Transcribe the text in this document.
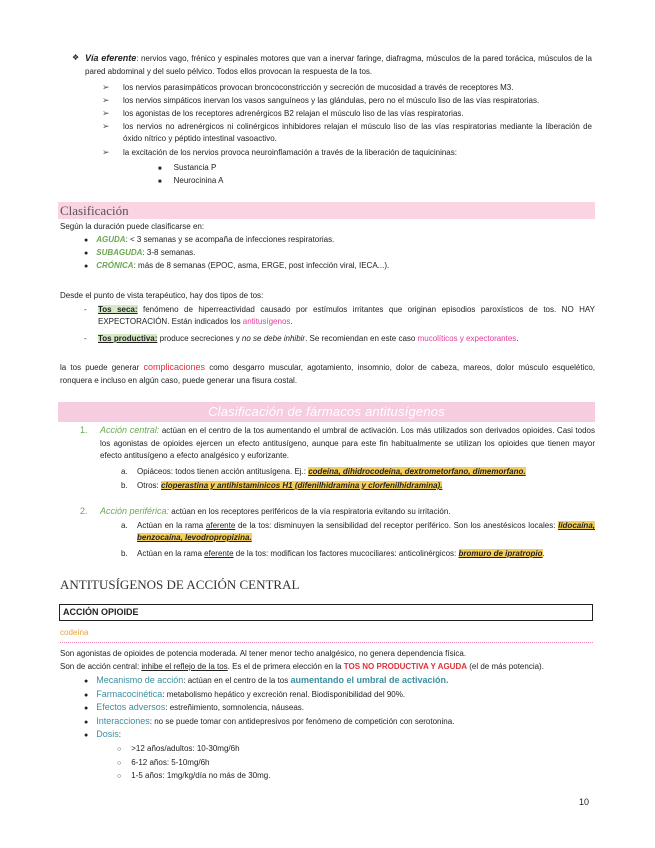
❖ Vía eferente: nervios vago, frénico y espinales motores que van a inervar faringe, diafragma, músculos de la pared torácica, músculos de la pared abdominal y del suelo pélvico. Todos ellos provocan la respuesta de la tos.
➢ los nervios parasimpáticos provocan broncoconstricción y secreción de mucosidad a través de receptores M3.
➢ los nervios simpáticos inervan los vasos sanguíneos y las glándulas, pero no el músculo liso de las vías respiratorias.
➢ los agonistas de los receptores adrenérgicos B2 relajan el músculo liso de las vías respiratorias.
➢ los nervios no adrenérgicos ni colinérgicos inhibidores relajan el músculo liso de las vías respiratorias mediante la liberación de óxido nítrico y péptido intestinal vasoactivo.
➢ la excitación de los nervios provoca neuroinflamación a través de la liberación de taquicininas:
■ Sustancia P
■ Neurocinina A
Clasificación
Según la duración puede clasificarse en:
● AGUDA: < 3 semanas y se acompaña de infecciones respiratorias.
● SUBAGUDA: 3-8 semanas.
● CRÓNICA: más de 8 semanas (EPOC, asma, ERGE, post infección viral, IECA...).
Desde el punto de vista terapéutico, hay dos tipos de tos:
- Tos seca: fenómeno de hiperreactividad causado por estímulos irritantes que originan episodios paroxísticos de tos. NO HAY EXPECTORACIÓN. Están indicados los antitusígenos.
- Tos productiva: produce secreciones y no se debe inhibir. Se recomiendan en este caso mucolíticos y expectorantes.
la tos puede generar complicaciones como desgarro muscular, agotamiento, insomnio, dolor de cabeza, mareos, dolor músculo esquelético, ronquera e incluso en algún caso, puede generar una fisura costal.
Clasificación de fármacos antitusígenos
1. Acción central: actúan en el centro de la tos aumentando el umbral de activación. Los más utilizados son derivados opioides. Casi todos los agonistas de opioides ejercen un efecto antitusígeno, aunque para este fin habitualmente se utilizan los opioides que tienen mayor efecto antitusígeno a efecto analgésico y euforizante.
a. Opiáceos: todos tienen acción antitusígena. Ej.: codeína, dihidrocodeína, dextrometorfano, dimemorfano.
b. Otros: cloperastina y antihistamínicos H1 (difenilhidramina y clorfenilhidramina).
2. Acción periférica: actúan en los receptores periféricos de la vía respiratoria evitando su irritación.
a. Actúan en la rama aferente de la tos: disminuyen la sensibilidad del receptor periférico. Son los anestésicos locales: lidocaína, benzocaína, levodropropizina.
b. Actúan en la rama eferente de la tos: modifican los factores mucociliares: anticolinérgicos: bromuro de ipratropio.
ANTITUSÍGENOS DE ACCIÓN CENTRAL
ACCIÓN OPIOIDE
codeína
Son agonistas de opioides de potencia moderada. Al tener menor techo analgésico, no genera dependencia física.
Son de acción central: inhibe el reflejo de la tos. Es el de primera elección en la TOS NO PRODUCTIVA Y AGUDA (el de más potencia).
● Mecanismo de acción: actúan en el centro de la tos aumentando el umbral de activación.
● Farmacocinética: metabolismo hepático y excreción renal. Biodisponibilidad del 90%.
● Efectos adversos: estreñimiento, somnolencia, náuseas.
● Interacciones: no se puede tomar con antidepresivos por fenómeno de competición con serotonina.
● Dosis:
○ >12 años/adultos: 10-30mg/6h
○ 6-12 años: 5-10mg/6h
○ 1-5 años: 1mg/kg/día no más de 30mg.
10
